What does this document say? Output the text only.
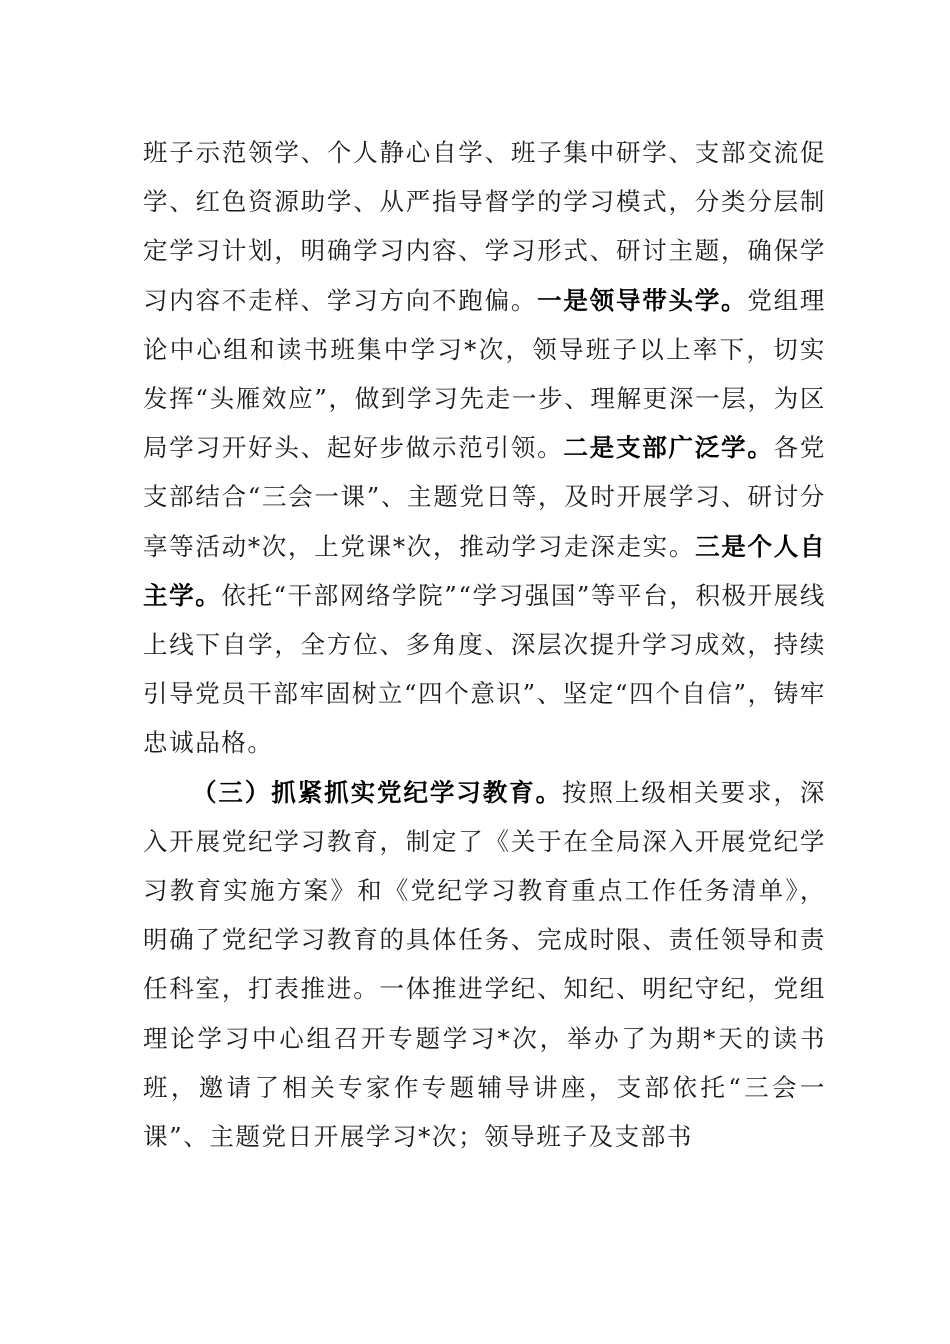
班子示范领学、个人静心自学、班子集中研学、支部交流促学、红色资源助学、从严指导督学的学习模式，分类分层制定学习计划，明确学习内容、学习形式、研讨主题，确保学习内容不走样、学习方向不跑偏。一是领导带头学。党组理论中心组和读书班集中学习*次，领导班子以上率下，切实发挥“头雁效应”，做到学习先走一步、理解更深一层，为区局学习开好头、起好步做示范引领。二是支部广泛学。各党支部结合“三会一课”、主题党日等，及时开展学习、研讨分享等活动*次，上党课*次，推动学习走深走实。三是个人自主学。依托“干部网络学院”“学习强国”等平台，积极开展线上线下自学，全方位、多角度、深层次提升学习成效，持续引导党员干部牢固树立“四个意识”、坚定“四个自信”，铸牢忠诚品格。

（三）抓紧抓实党纪学习教育。按照上级相关要求，深入开展党纪学习教育，制定了《关于在全局深入开展党纪学习教育实施方案》和《党纪学习教育重点工作任务清单》，明确了党纪学习教育的具体任务、完成时限、责任领导和责任科室，打表推进。一体推进学纪、知纪、明纪守纪，党组理论学习中心组召开专题学习*次，举办了为期*天的读书班，邀请了相关专家作专题辅导讲座，支部依托“三会一课”、主题党日开展学习*次；领导班子及支部书
